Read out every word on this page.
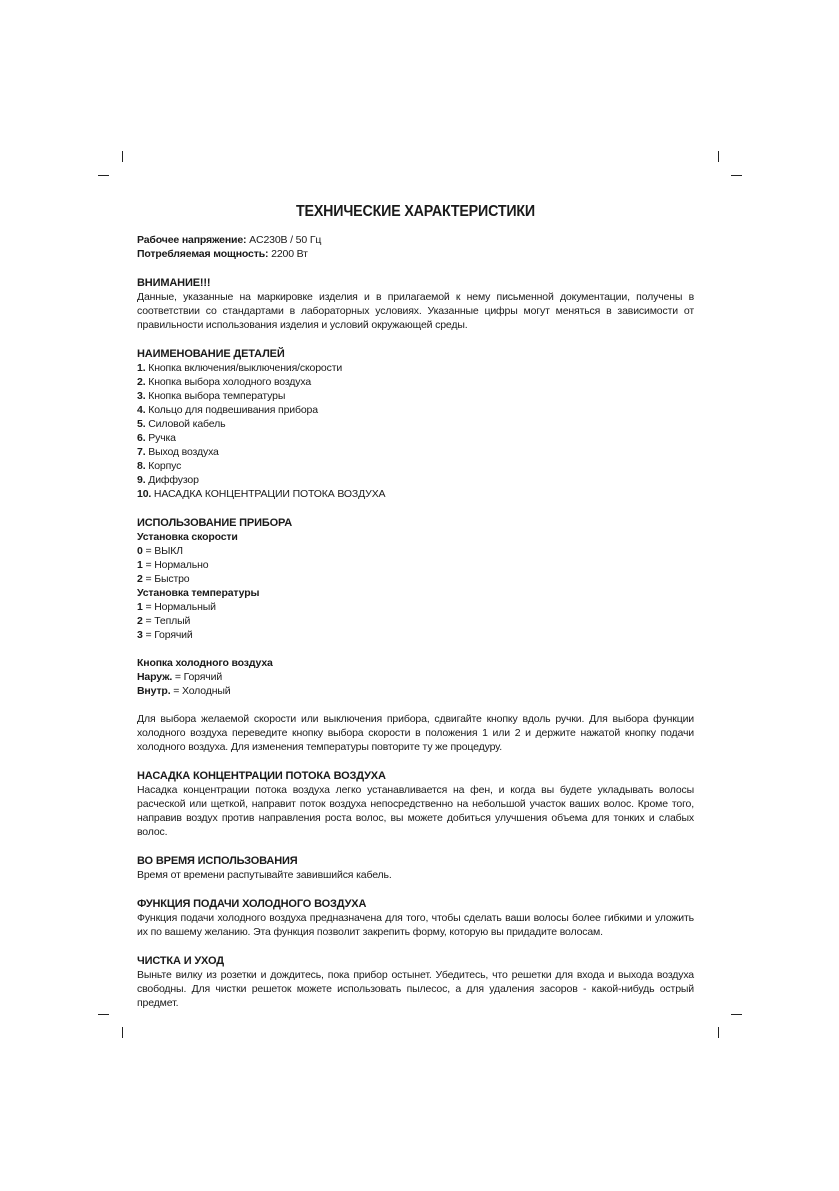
ТЕХНИЧЕСКИЕ ХАРАКТЕРИСТИКИ
Рабочее напряжение: AC230В / 50 Гц
Потребляемая мощность: 2200 Вт
ВНИМАНИЕ!!!

Данные, указанные на маркировке изделия и в прилагаемой к нему письменной документации, получены в соответствии со стандартами в лабораторных условиях. Указанные цифры могут меняться в зависимости от правильности использования изделия и условий окружающей среды.

НАИМЕНОВАНИЕ ДЕТАЛЕЙ
1. Кнопка включения/выключения/скорости
2. Кнопка выбора холодного воздуха
3. Кнопка выбора температуры
4. Кольцо для подвешивания прибора
5. Силовой кабель
6. Ручка
7. Выход воздуха
8. Корпус
9. Диффузор
10. НАСАДКА КОНЦЕНТРАЦИИ ПОТОКА ВОЗДУХА
ИСПОЛЬЗОВАНИЕ ПРИБОРА
Установка скорости
0 = ВЫКЛ
1 = Нормально
2 = Быстро
Установка температуры
1 = Нормальный
2 = Теплый
3 = Горячий
Кнопка холодного воздуха
Наруж. = Горячий
Внутр. = Холодный

Для выбора желаемой скорости или выключения прибора, сдвигайте кнопку вдоль ручки. Для выбора функции холодного воздуха переведите кнопку выбора скорости в положения 1 или 2 и держите нажатой кнопку подачи холодного воздуха. Для изменения температуры повторите ту же процедуру.

НАСАДКА КОНЦЕНТРАЦИИ ПОТОКА ВОЗДУХА

Насадка концентрации потока воздуха легко устанавливается на фен, и когда вы будете укладывать волосы расческой или щеткой, направит поток воздуха непосредственно на небольшой участок ваших волос. Кроме того, направив воздух против направления роста волос, вы можете добиться улучшения объема для тонких и слабых волос.

ВО ВРЕМЯ ИСПОЛЬЗОВАНИЯ

Время от времени распутывайте завившийся кабель.

ФУНКЦИЯ ПОДАЧИ ХОЛОДНОГО ВОЗДУХА

Функция подачи холодного воздуха предназначена для того, чтобы сделать ваши волосы более гибкими и уложить их по вашему желанию. Эта функция позволит закрепить форму, которую вы придадите волосам.

ЧИСТКА И УХОД

Выньте вилку из розетки и дождитесь, пока прибор остынет. Убедитесь, что решетки для входа и выхода воздуха свободны. Для чистки решеток можете использовать пылесос, а для удаления засоров - какой-нибудь острый предмет.
